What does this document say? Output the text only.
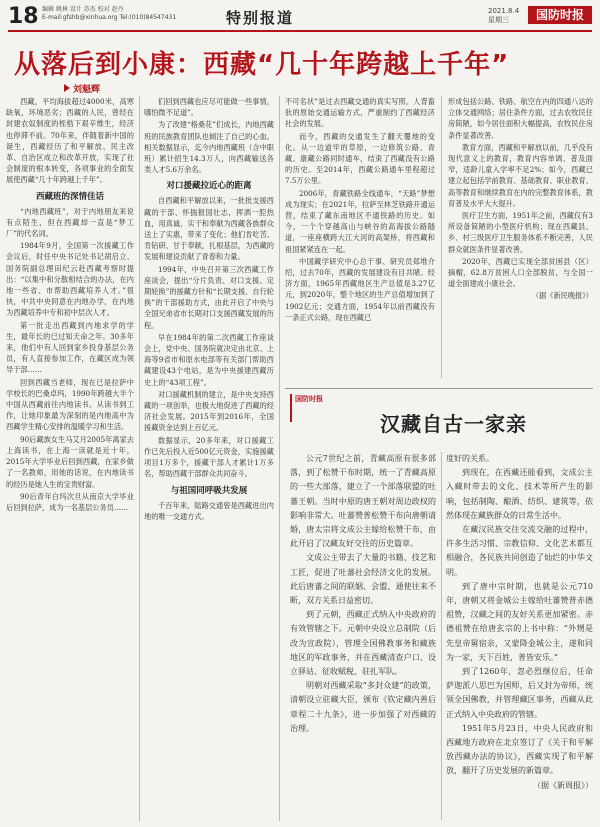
18 编辑 姚林 设计 苏杰 校对 赵丹
E-mail:gfshb@xinhua.org Tel:(010)84547431	特别报道	2021.8.4 星期三	国防时报
从落后到小康：西藏“几十年跨越上千年”
刘魁辉

西藏，平均海拔超过4000米，高寒缺氧，环境恶劣；西藏的人民，曾经在封建农奴制度的桎梏下艰辛维生，经济也停滞不前。70年来，伴随着新中国的诞生，西藏经历了和平解放、民主改革、自治区成立和改革开放，实现了社会制度的根本转变，各项事业的全面发展使西藏“几十年跨越上千年”。

西藏班的深情佳话

“内地西藏班”，对于内地朋友来说有点陌生，但在西藏却一直是“梦工厂”的代名词。

1984年9月，全国第一次援藏工作会议后，时任中央书记处书记胡启立、国务院副总理田纪云赴西藏考察时提出：“以集中和分散相结合的办法，在内地一些省、市帮助西藏培养人才。”很快，中共中央同意在内地办学，在内地为西藏培养中专和初中层次人才。

第一批走出西藏到内地求学的学生，最年长的已过知天命之年。30多年来，他们中有人回到家乡投身基层公务员，有人直接参加工作，在藏区成为领导干部……

回到西藏当老师，现在已是拉萨中学校长的巴桑卓玛，1990年跨越大半个中国从西藏前往内地读书。从读书到工作，让她印象最为深刻的是内地高中为西藏学生精心安排的温暖学习和生活。

90后藏族女生马艾月2005年离家去上海读书，在上海一读就是近十年，2015年大学毕业后回到西藏，在家乡做了一名教师，用她的话说，在内地读书的经历是她人生的宝贵财富。

90后青年白玛次旦从南京大学毕业后回到拉萨，成为一名基层公务员……

们回到西藏也应尽可能做一些事情，哪怕微不足道”。

为了改建“格桑花”们成长，内地西藏班的民族教育团队也倾注了自己的心血。相关数据显示，迄今内地西藏班（含中职班）累计招生14.3万人，向西藏输送各类人才5.6万余名。

对口援藏拉近心的距离

自西藏和平解放以来，一批批支援西藏的干部、怀揣报国壮志，挥洒一腔热血，用真诚、实干和奉献为西藏各族群众送上了实惠，带来了变化；他们肯吃苦、肯钻研、甘于奉献，扎根基层，为西藏的发展和建设贡献了青春和力量。

1994年，中央召开第三次西藏工作座谈会，提出“分片负责、对口支援、定期轮换”的援藏方针和“长期支援、自行轮换”的干部援助方式，由此开启了中央与全国兄弟省市长期对口支援西藏发展的历程。

早在1984年的第二次西藏工作座谈会上，党中央、国务院就决定由北京、上海等9省市和原水电部等有关部门帮助西藏建设43个电站，是为中央援建西藏历史上的“43项工程”。

对口援藏机制的建立，是中央支持西藏的一项创举，也极大地促进了西藏的经济社会发展。2015年到2016年，全国援藏资金达到上百亿元。

数据显示，20多年来，对口援藏工作已先后投入近500亿元资金，实施援藏项目1万多个，援藏干部人才累计1万多名，帮助西藏干部群众共同奋斗。

与祖国同呼吸共发展

千百年来，陆路交通曾是西藏进出内地的唯一交通方式。

不可名状”是过去西藏交通的真实写照。人背畜驮的原始交通运输方式，严重制约了西藏经济社会的发展。

而今，西藏的交通发生了翻天覆地的变化。从一边道牢的草原，一边修筑公路、青藏、康藏公路同时通车，结束了西藏没有公路的历史。至2014年，西藏公路通车里程超过7.5万公里。

2006年，青藏铁路全线通车，“天路”梦想成为现实；在2021年，拉萨至林芝铁路开通运营，结束了藏东南地区不通铁路的历史。如今，一个个穿越高山与峡谷的高海拔公路隧道，一座座横跨大江大河的高架桥，将西藏和祖国紧紧连在一起。

中国藏学研究中心总干事、研究员郑堆介绍，过去70年，西藏的发展建设有目共睹。经济方面，1965年西藏地区生产总值是3.27亿元，到2020年，整个地区的生产总值增加到了1902亿元；交通方面，1954年以前西藏没有一条正式公路，现在西藏已

形成包括公路、铁路、航空在内的四通八达的立体交通网络；居住条件方面，过去农牧民住房简陋，如今居住面积大幅提高，农牧民住房条件显著改善。

教育方面，西藏和平解放以前，几乎没有现代意义上的教育，教育内容单调、普及面窄，适龄儿童入学率不足2%；如今，西藏已建立起包括学前教育、基础教育、职业教育、高等教育和继续教育在内的完整教育体系，教育普及水平大大提升。

医疗卫生方面，1951年之前，西藏仅有3所设备简陋的小型医疗机构；现在西藏县、乡、村三级医疗卫生服务体系不断完善，人民群众就医条件显著改善。

2020年，西藏已实现全部贫困县（区）摘帽，62.8万贫困人口全部脱贫，与全国一道全面建成小康社会。

（据《新民晚报》）

国防时报
汉藏自古一家亲

公元7世纪之前，青藏高原有很多部落，到了松赞干布时期，统一了青藏高原的一些大部落，建立了一个部落联盟的吐蕃王朝。当时中原的唐王朝对周边政权的影响非常大。吐蕃赞普松赞干布向唐朝请婚，唐太宗将文成公主嫁给松赞干布，由此开启了汉藏友好交往的历史篇章。

文成公主带去了大量的书籍、技艺和工匠，促进了吐蕃社会经济文化的发展。此后唐蕃之间的联姻、会盟、通使往来不断，双方关系日益密切。

到了元朝，西藏正式纳入中央政府的有效管辖之下。元朝中央设立总制院（后改为宣政院），管理全国佛教事务和藏族地区的军政事务，并在西藏清查户口、设立驿站、征收赋税、驻扎军队。

明朝对西藏采取“多封众建”的政策，清朝设立驻藏大臣，颁布《钦定藏内善后章程二十九条》，进一步加强了对西藏的治理。

度好的关系。

到现在，在西藏还能看到，文成公主入藏时带去的文化、技术等所产生的影响，包括制陶、酿酒、纺织、建筑等，依然体现在藏族群众的日常生活中。

在藏汉民族交往交流交融的过程中，许多生活习惯、宗教信仰、文化艺术都互相融合，各民族共同创造了灿烂的中华文明。

到了唐中宗时期，也就是公元710年，唐朝又将金城公主嫁给吐蕃赞普赤德祖赞，汉藏之间的友好关系更加紧密。赤德祖赞在给唐玄宗的上书中称：“外甥是先皇帝舅宿亲，又蒙降金城公主，遂和同为一家，天下百姓，普皆安乐。”

到了1260年，忽必烈继位后，任命萨迦派八思巴为国师，后又封为帝师，统领全国佛教，并管理藏区事务，西藏从此正式纳入中央政府的管辖。

1951年5月23日，中央人民政府和西藏地方政府在北京签订了《关于和平解放西藏办法的协议》，西藏实现了和平解放，翻开了历史发展的新篇章。

（据《新周报》）
